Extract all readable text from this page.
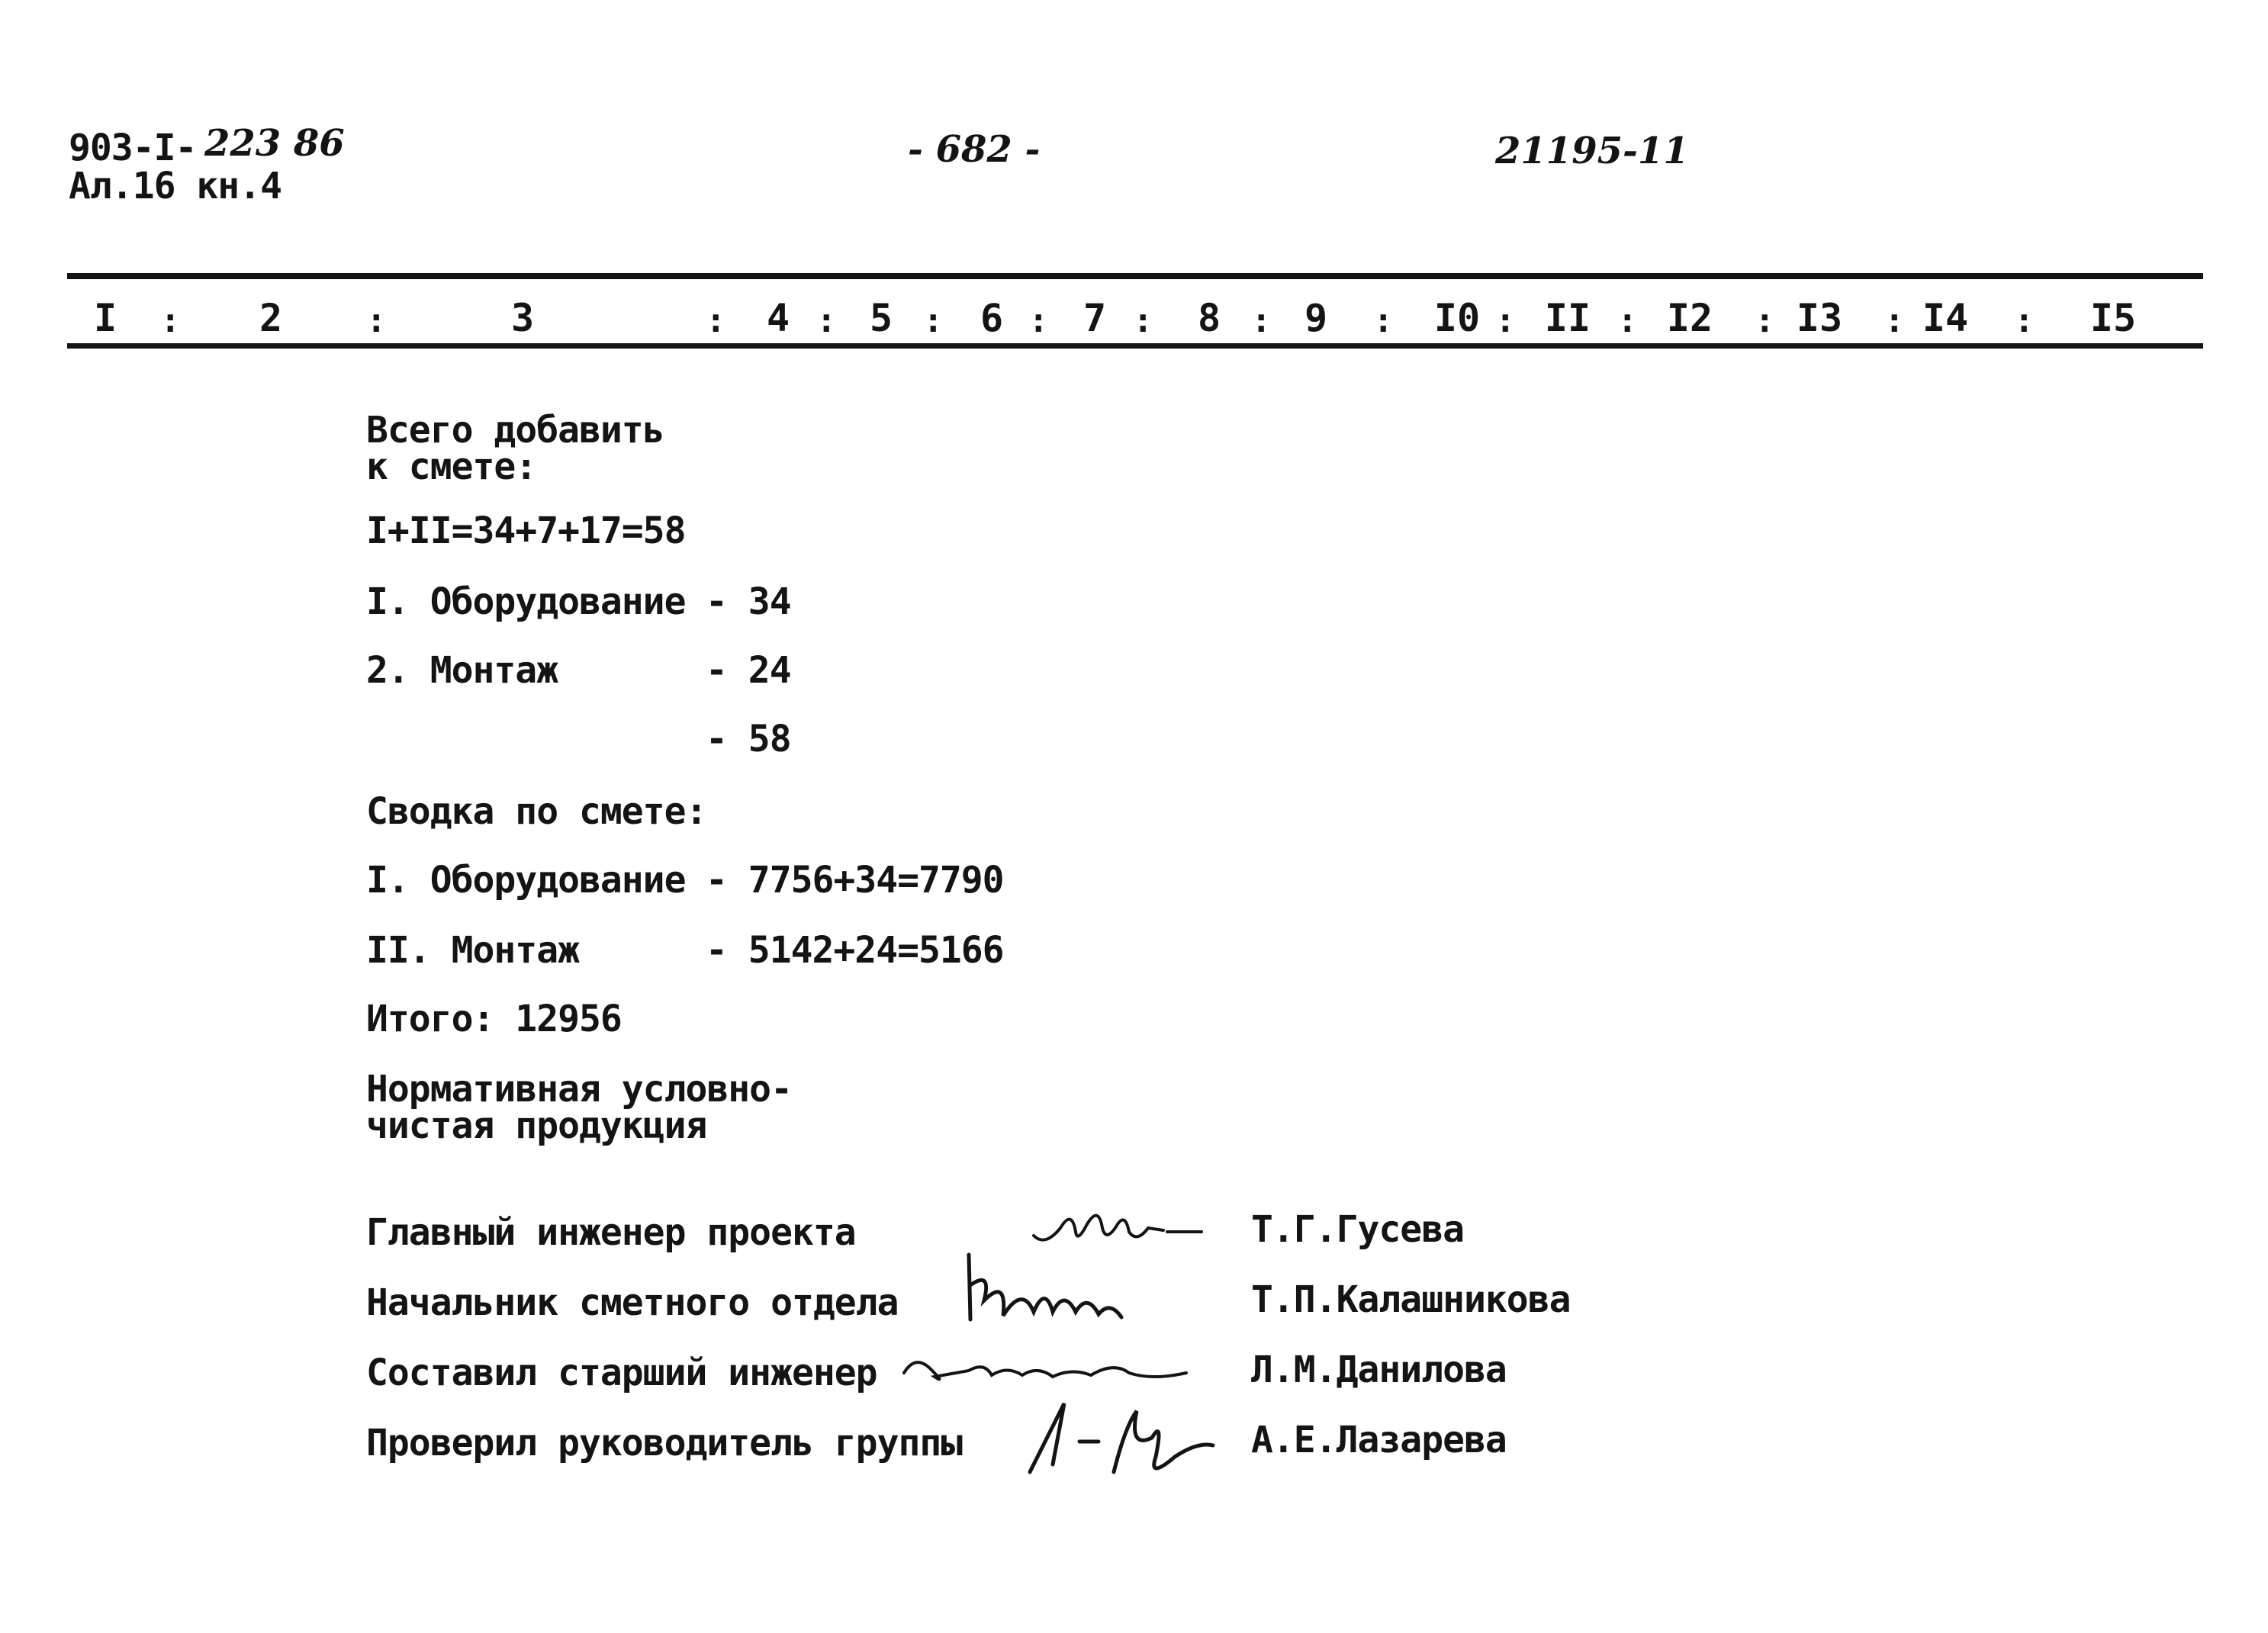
903-I- 223 86
Ал.16 кн.4
- 682 -	21195-11
I	2	3	4 5 6 7 8 9	I0 II I2 I3 I4	I5
:	:	:	:	:	:	:	:	:	:	:	:	:	:
Всего добавить
к смете:
I+II=34+7+17=58
I. Оборудование - 34
2. Монтаж	- 24
- 58
Сводка по смете:
I. Оборудование - 7756+34=7790
II. Монтаж	- 5142+24=5166
Итого: 12956
Нормативная условно-
чистая продукция
Главный инженер проекта	Т.Г.Гусева
Начальник сметного отдела	Т.П.Калашникова
Составил старший инженер	Л.М.Данилова
Проверил руководитель группы	А.Е.Лазарева
